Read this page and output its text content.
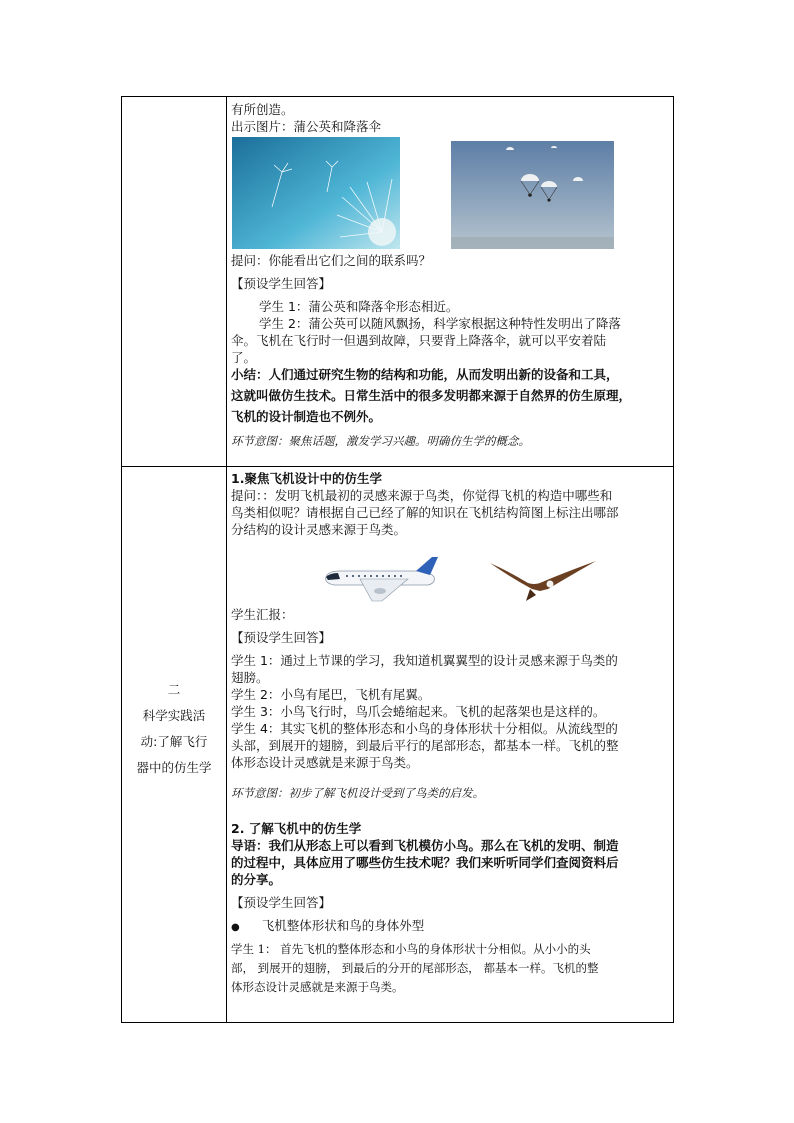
二
科学实践活
动:了解飞行
器中的仿生学
有所创造。
出示图片：蒲公英和降落伞
提问：你能看出它们之间的联系吗？
【预设学生回答】
学生 1：蒲公英和降落伞形态相近。
学生 2：蒲公英可以随风飘扬，科学家根据这种特性发明出了降落
伞。飞机在飞行时一但遇到故障，只要背上降落伞，就可以平安着陆
了。
小结：人们通过研究生物的结构和功能，从而发明出新的设备和工具，
这就叫做仿生技术。日常生活中的很多发明都来源于自然界的仿生原理，
飞机的设计制造也不例外。
环节意图：聚焦话题，激发学习兴趣。明确仿生学的概念。
1.聚焦飞机设计中的仿生学
提问：：发明飞机最初的灵感来源于鸟类，你觉得飞机的构造中哪些和
鸟类相似呢？请根据自己已经了解的知识在飞机结构简图上标注出哪部
分结构的设计灵感来源于鸟类。
学生汇报：
【预设学生回答】
学生 1：通过上节课的学习，我知道机翼翼型的设计灵感来源于鸟类的
翅膀。
学生 2：小鸟有尾巴，飞机有尾翼。
学生 3：小鸟飞行时，鸟爪会蜷缩起来。飞机的起落架也是这样的。
学生 4：其实飞机的整体形态和小鸟的身体形状十分相似。从流线型的
头部，到展开的翅膀，到最后平行的尾部形态，都基本一样。飞机的整
体形态设计灵感就是来源于鸟类。
环节意图：初步了解飞机设计受到了鸟类的启发。
2. 了解飞机中的仿生学
导语：我们从形态上可以看到飞机模仿小鸟。那么在飞机的发明、制造
的过程中，具体应用了哪些仿生技术呢？我们来听听同学们查阅资料后
的分享。
【预设学生回答】
● 飞机整体形状和鸟的身体外型
学生 1： 首先飞机的整体形态和小鸟的身体形状十分相似。从小小的头
部， 到展开的翅膀， 到最后的分开的尾部形态， 都基本一样。飞机的整
体形态设计灵感就是来源于鸟类。
